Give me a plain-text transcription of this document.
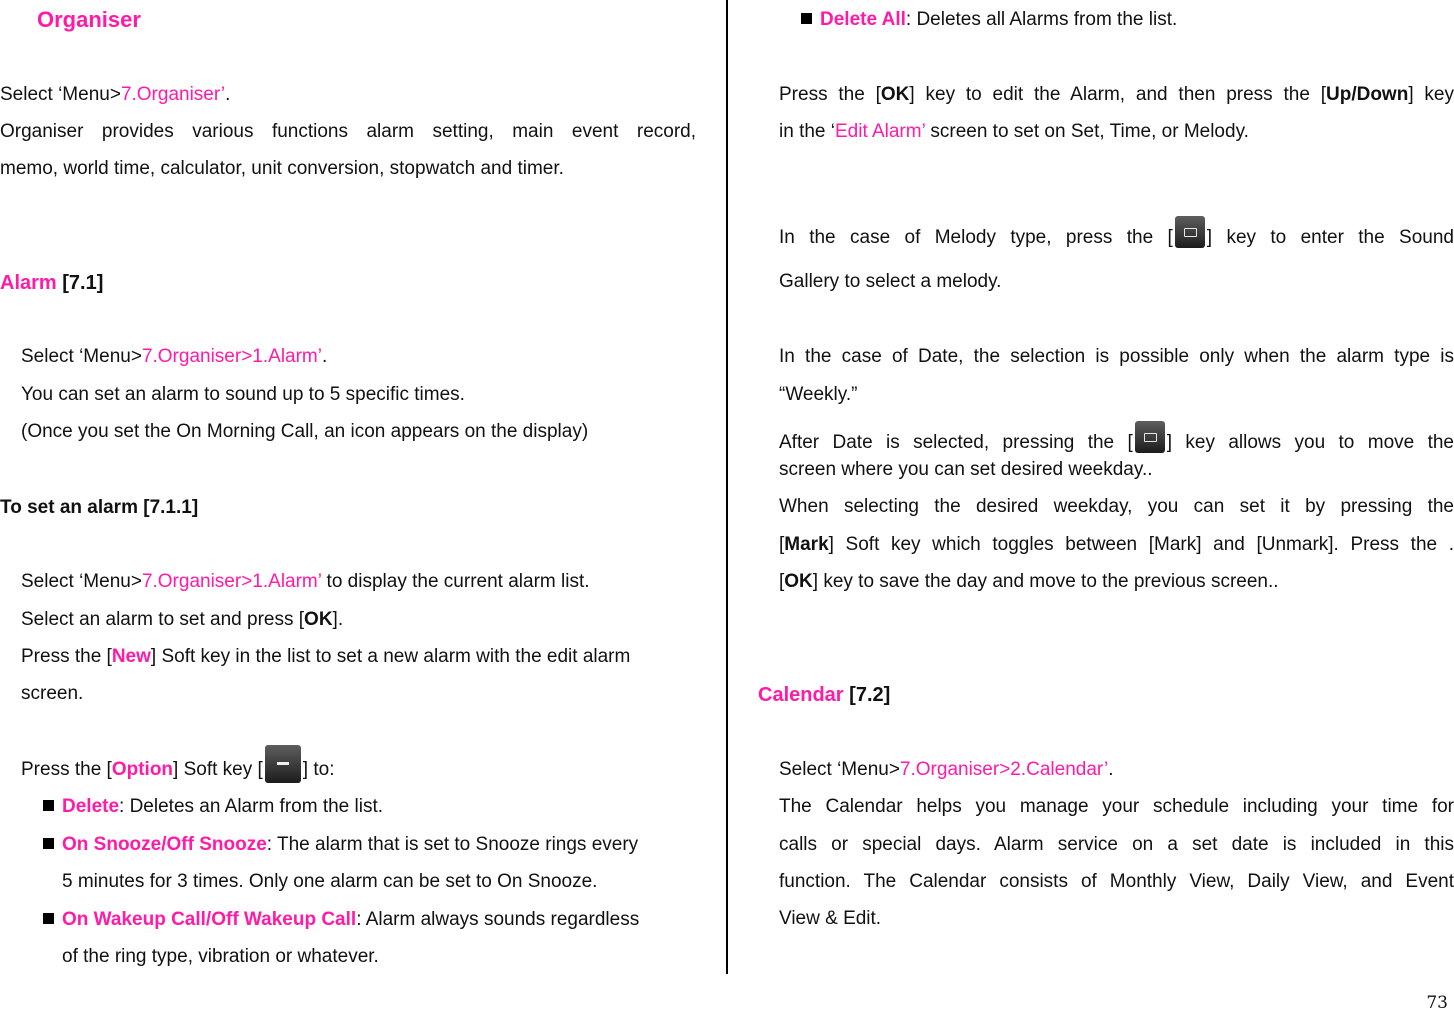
Organiser
Select ‘Menu>7.Organiser’.
Organiser provides various functions alarm setting, main event record,
memo, world time, calculator, unit conversion, stopwatch and timer.
Alarm [7.1]
Select ‘Menu>7.Organiser>1.Alarm’.
You can set an alarm to sound up to 5 specific times.
(Once you set the On Morning Call, an icon appears on the display)
To set an alarm [7.1.1]
Select ‘Menu>7.Organiser>1.Alarm’ to display the current alarm list.
Select an alarm to set and press [OK].
Press the [New] Soft key in the list to set a new alarm with the edit alarm
screen.
Press the [Option] Soft key [ ] to:
Delete: Deletes an Alarm from the list.
On Snooze/Off Snooze: The alarm that is set to Snooze rings every
5 minutes for 3 times. Only one alarm can be set to On Snooze.
On Wakeup Call/Off Wakeup Call: Alarm always sounds regardless
of the ring type, vibration or whatever.
Delete All: Deletes all Alarms from the list.
Press the [OK] key to edit the Alarm, and then press the [Up/Down] key
in the ‘Edit Alarm’ screen to set on Set, Time, or Melody.
In the case of Melody type, press the [ ] key to enter the Sound
Gallery to select a melody.
In the case of Date, the selection is possible only when the alarm type is
“Weekly.”
After Date is selected, pressing the [ ] key allows you to move the
screen where you can set desired weekday..
When selecting the desired weekday, you can set it by pressing the
[Mark] Soft key which toggles between [Mark] and [Unmark]. Press the .
[OK] key to save the day and move to the previous screen..
Calendar [7.2]
Select ‘Menu>7.Organiser>2.Calendar’.
The Calendar helps you manage your schedule including your time for
calls or special days. Alarm service on a set date is included in this
function. The Calendar consists of Monthly View, Daily View, and Event
View & Edit.
73
